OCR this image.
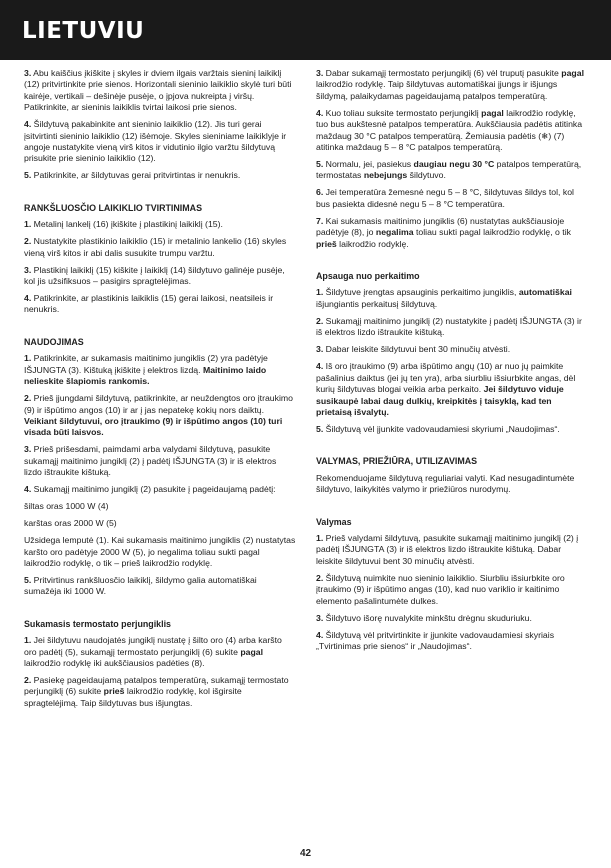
LIETUVIU

3. Abu kaiščius įkiškite į skyles ir dviem ilgais varžtais sieninį laikiklį (12) pritvirtinkite prie sienos. Horizontali sieninio laikiklio skylė turi būti kairėje, vertikali – dešinėje pusėje, o įpjova nukreipta į viršų. Patikrinkite, ar sieninis laikiklis tvirtai laikosi prie sienos.

4. Šildytuvą pakabinkite ant sieninio laikiklio (12). Jis turi gerai įsitvirtinti sieninio laikiklio (12) išėmoje. Skyles sieniniame laikiklyje ir angoje nustatykite vieną virš kitos ir vidutinio ilgio varžtu šildytuvą prisukite prie sieninio laikiklio (12).

5. Patikrinkite, ar šildytuvas gerai pritvirtintas ir nenukris.

RANKŠLUOSČIO LAIKIKLIO TVIRTINIMAS

1. Metalinį lankelį (16) įkiškite į plastikinį laikiklį (15).

2. Nustatykite plastikinio laikiklio (15) ir metalinio lankelio (16) skyles vieną virš kitos ir abi dalis susukite trumpu varžtu.

3. Plastikinį laikiklį (15) kiškite į laikiklį (14) šildytuvo galinėje pusėje, kol jis užsifiksuos – pasigirs spragtelėjimas.

4. Patikrinkite, ar plastikinis laikiklis (15) gerai laikosi, neatsileis ir nenukris.

NAUDOJIMAS

1. Patikrinkite, ar sukamasis maitinimo jungiklis (2) yra padėtyje IŠJUNGTA (3). Kištuką įkiškite į elektros lizdą. Maitinimo laido nelieskite šlapiomis rankomis.

2. Prieš įjungdami šildytuvą, patikrinkite, ar neuždengtos oro įtraukimo (9) ir išpūtimo angos (10) ir ar į jas nepatekę kokių nors daiktų. Veikiant šildytuvui, oro įtraukimo (9) ir išpūtimo angos (10) turi visada būti laisvos.

3. Prieš prišesdami, paimdami arba valydami šildytuvą, pasukite sukamąjį maitinimo jungiklį (2) į padėtį IŠJUNGTA (3) ir iš elektros lizdo ištraukite kištuką.

4. Sukamąjį maitinimo jungiklį (2) pasukite į pageidaujamą padėtį:

šiltas oras 1000 W (4)

karštas oras 2000 W (5)

Užsidega lemputė (1). Kai sukamasis maitinimo jungiklis (2) nustatytas karšto oro padėtyje 2000 W (5), jo negalima toliau sukti pagal laikrodžio rodyklę, o tik – prieš laikrodžio rodyklę.

5. Pritvirtinus rankšluosčio laikiklį, šildymo galia automatiškai sumažėja iki 1000 W.

Sukamasis termostato perjungiklis

1. Jei šildytuvu naudojatės jungiklį nustatę į šilto oro (4) arba karšto oro padėtį (5), sukamąjį termostato perjungiklį (6) sukite pagal laikrodžio rodyklę iki aukščiausios padėties (8).

2. Pasiekę pageidaujamą patalpos temperatūrą, sukamąjį termostato perjungiklį (6) sukite prieš laikrodžio rodyklę, kol išgirsite spragtelėjimą. Taip šildytuvas bus išjungtas.

3. Dabar sukamąjį termostato perjungiklį (6) vėl truputį pasukite pagal laikrodžio rodyklę. Taip šildytuvas automatiškai įjungs ir išjungs šildymą, palaikydamas pageidaujamą patalpos temperatūrą.

4. Kuo toliau suksite termostato perjungiklį pagal laikrodžio rodyklę, tuo bus aukštesnė patalpos temperatūra. Aukščiausia padėtis atitinka maždaug 30 °C patalpos temperatūrą. Žemiausia padėtis (❄) (7) atitinka maždaug 5 – 8 °C patalpos temperatūrą.

5. Normalu, jei, pasiekus daugiau negu 30 °C patalpos temperatūrą, termostatas nebejungs šildytuvo.

6. Jei temperatūra žemesnė negu 5 – 8 °C, šildytuvas šildys tol, kol bus pasiekta didesnė negu 5 – 8 °C temperatūra.

7. Kai sukamasis maitinimo jungiklis (6) nustatytas aukščiausioje padėtyje (8), jo negalima toliau sukti pagal laikrodžio rodyklę, o tik prieš laikrodžio rodyklę.

Apsauga nuo perkaitimo

1. Šildytuve įrengtas apsauginis perkaitimo jungiklis, automatiškai išjungiantis perkaitusį šildytuvą.

2. Sukamąjį maitinimo jungiklį (2) nustatykite į padėtį IŠJUNGTA (3) ir iš elektros lizdo ištraukite kištuką.

3. Dabar leiskite šildytuvui bent 30 minučių atvėsti.

4. Iš oro įtraukimo (9) arba išpūtimo angų (10) ar nuo jų paimkite pašalinius daiktus (jei jų ten yra), arba siurbliu išsiurbkite angas, dėl kurių šildytuvas blogai veikia arba perkaito. Jei šildytuvo viduje susikaupė labai daug dulkių, kreipkitės į taisyklą, kad ten prietaisą išvalytų.

5. Šildytuvą vėl įjunkite vadovaudamiesi skyriumi „Naudojimas“.

VALYMAS, PRIEŽIŪRA, UTILIZAVIMAS

Rekomenduojame šildytuvą reguliariai valyti. Kad nesugadintumėte šildytuvo, laikykitės valymo ir priežiūros nurodymų.

Valymas

1. Prieš valydami šildytuvą, pasukite sukamąjį maitinimo jungiklį (2) į padėtį IŠJUNGTA (3) ir iš elektros lizdo ištraukite kištuką. Dabar leiskite šildytuvui bent 30 minučių atvėsti.

2. Šildytuvą nuimkite nuo sieninio laikiklio. Siurbliu išsiurbkite oro įtraukimo (9) ir išpūtimo angas (10), kad nuo variklio ir kaitinimo elemento pašalintumėte dulkes.

3. Šildytuvo išorę nuvalykite minkštu drėgnu skuduriuku.

4. Šildytuvą vėl pritvirtinkite ir įjunkite vadovaudamiesi skyriais „Tvirtinimas prie sienos“ ir „Naudojimas“.

42
